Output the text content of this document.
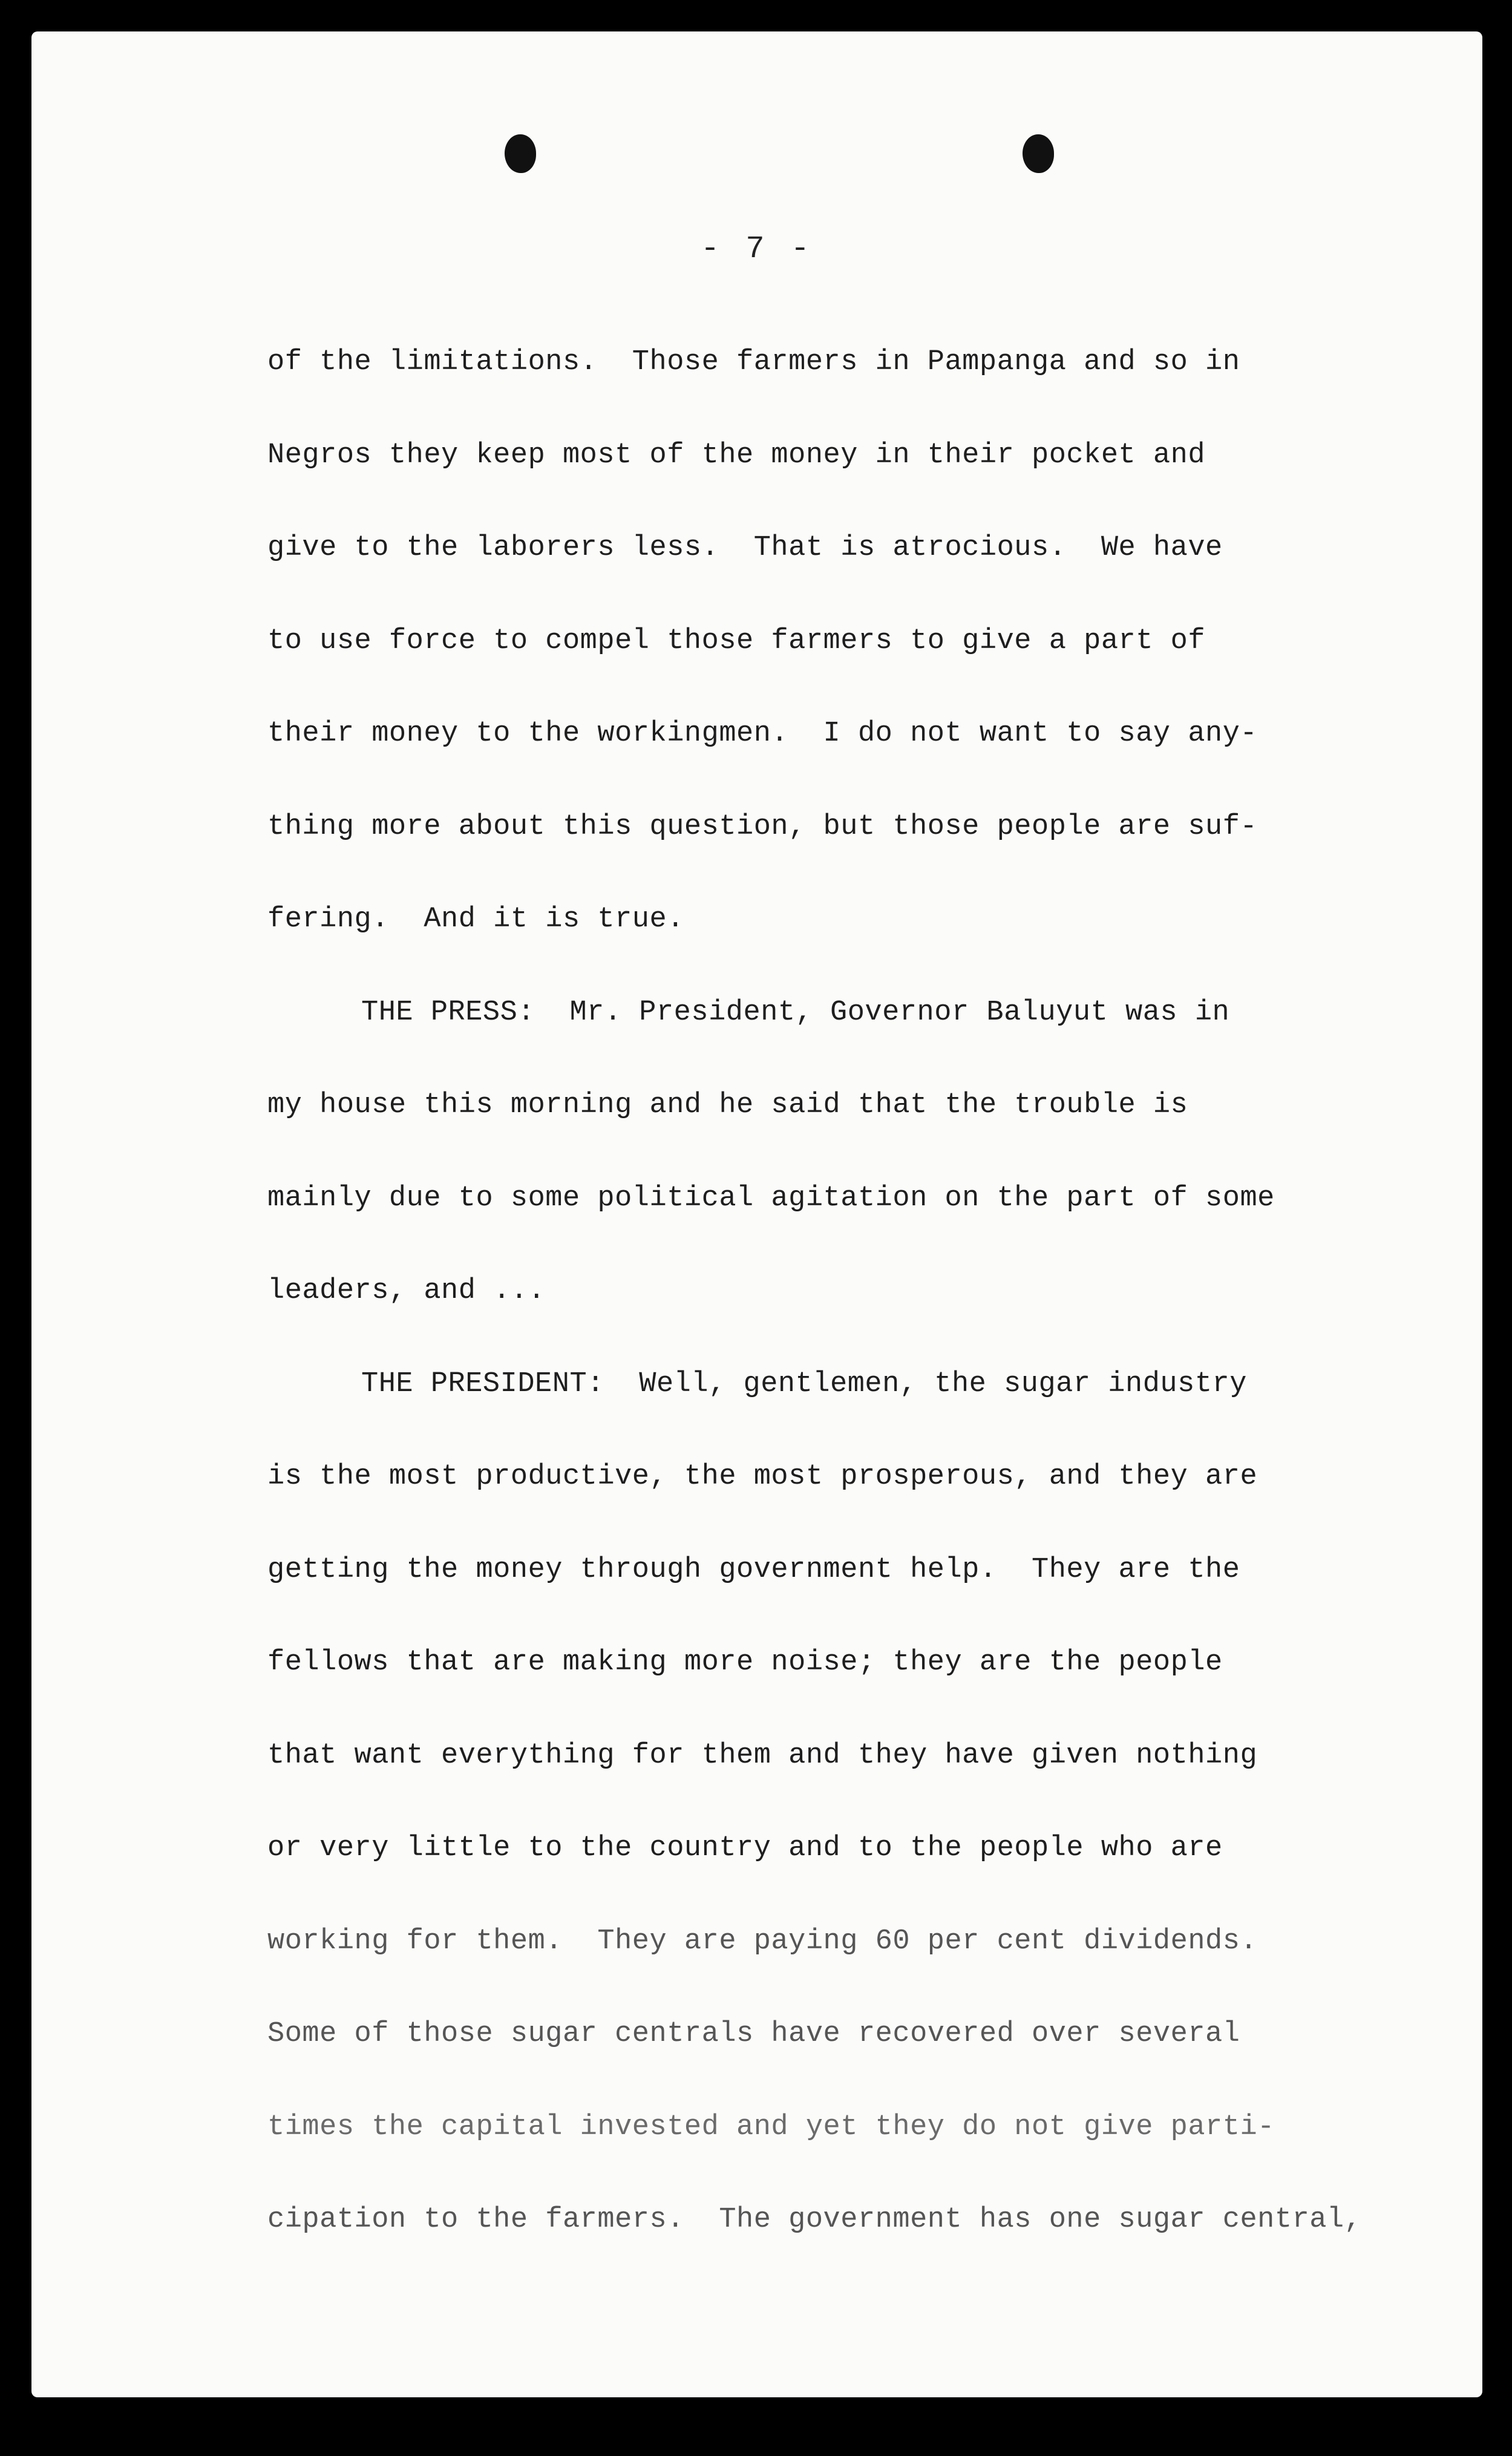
- 7 -
of the limitations.  Those farmers in Pampanga and so in
Negros they keep most of the money in their pocket and
give to the laborers less.  That is atrocious.  We have
to use force to compel those farmers to give a part of
their money to the workingmen.  I do not want to say any-
thing more about this question, but those people are suf-
fering.  And it is true.
THE PRESS:  Mr. President, Governor Baluyut was in
my house this morning and he said that the trouble is
mainly due to some political agitation on the part of some
leaders, and ...
THE PRESIDENT:  Well, gentlemen, the sugar industry
is the most productive, the most prosperous, and they are
getting the money through government help.  They are the
fellows that are making more noise; they are the people
that want everything for them and they have given nothing
or very little to the country and to the people who are
working for them.  They are paying 60 per cent dividends.
Some of those sugar centrals have recovered over several
times the capital invested and yet they do not give parti-
cipation to the farmers.  The government has one sugar central,
